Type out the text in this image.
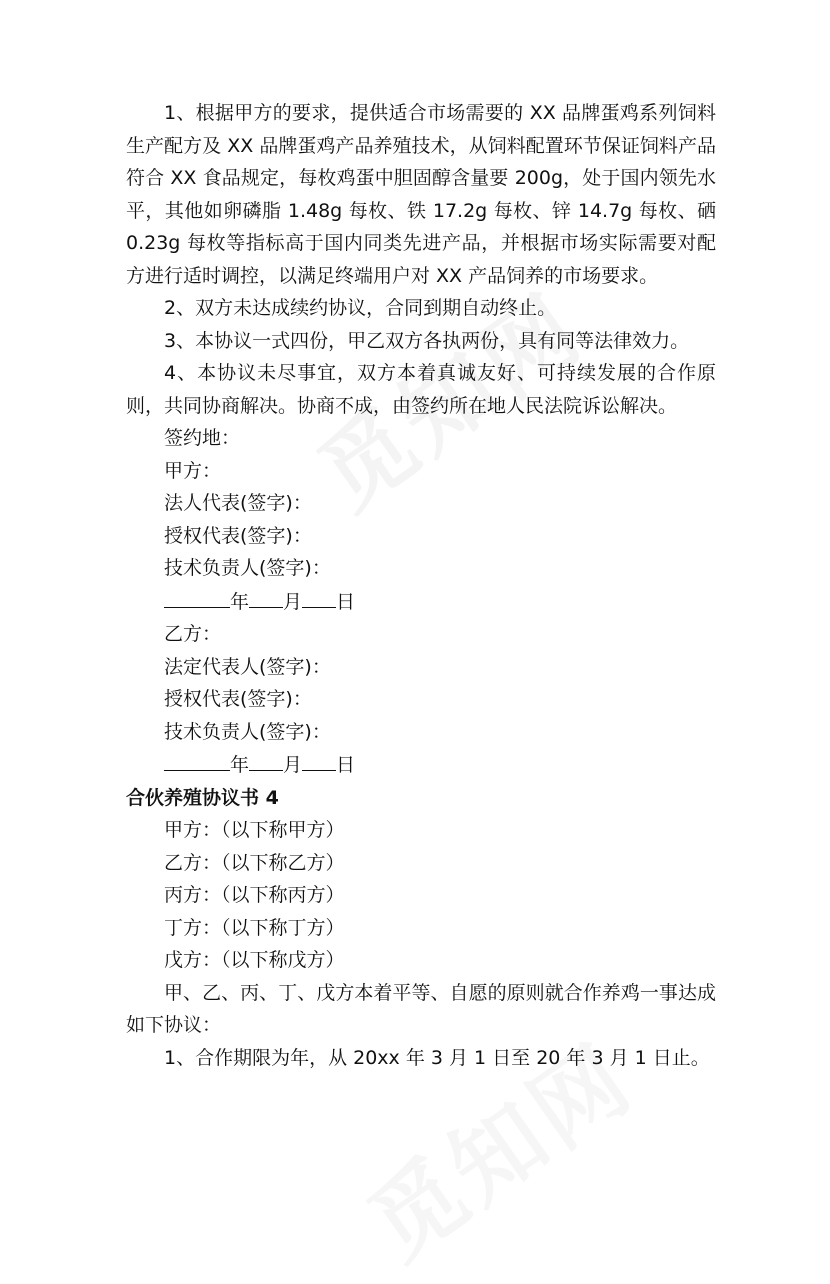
1、根据甲方的要求，提供适合市场需要的 XX 品牌蛋鸡系列饲料生产配方及 XX 品牌蛋鸡产品养殖技术，从饲料配置环节保证饲料产品符合 XX 食品规定，每枚鸡蛋中胆固醇含量要 200g，处于国内领先水平，其他如卵磷脂 1.48g 每枚、铁 17.2g 每枚、锌 14.7g 每枚、硒 0.23g 每枚等指标高于国内同类先进产品，并根据市场实际需要对配方进行适时调控，以满足终端用户对 XX 产品饲养的市场要求。

2、双方未达成续约协议，合同到期自动终止。

3、本协议一式四份，甲乙双方各执两份，具有同等法律效力。

4、本协议未尽事宜，双方本着真诚友好、可持续发展的合作原则，共同协商解决。协商不成，由签约所在地人民法院诉讼解决。

签约地：

甲方：

法人代表(签字)：

授权代表(签字)：

技术负责人(签字)：

年 月 日

乙方：

法定代表人(签字)：

授权代表(签字)：

技术负责人(签字)：

年 月 日

合伙养殖协议书 4

甲方：（以下称甲方）

乙方：（以下称乙方）

丙方：（以下称丙方）

丁方：（以下称丁方）

戊方：（以下称戊方）

甲、乙、丙、丁、戊方本着平等、自愿的原则就合作养鸡一事达成如下协议：

1、合作期限为年，从 20xx 年 3 月 1 日至 20 年 3 月 1 日止。
